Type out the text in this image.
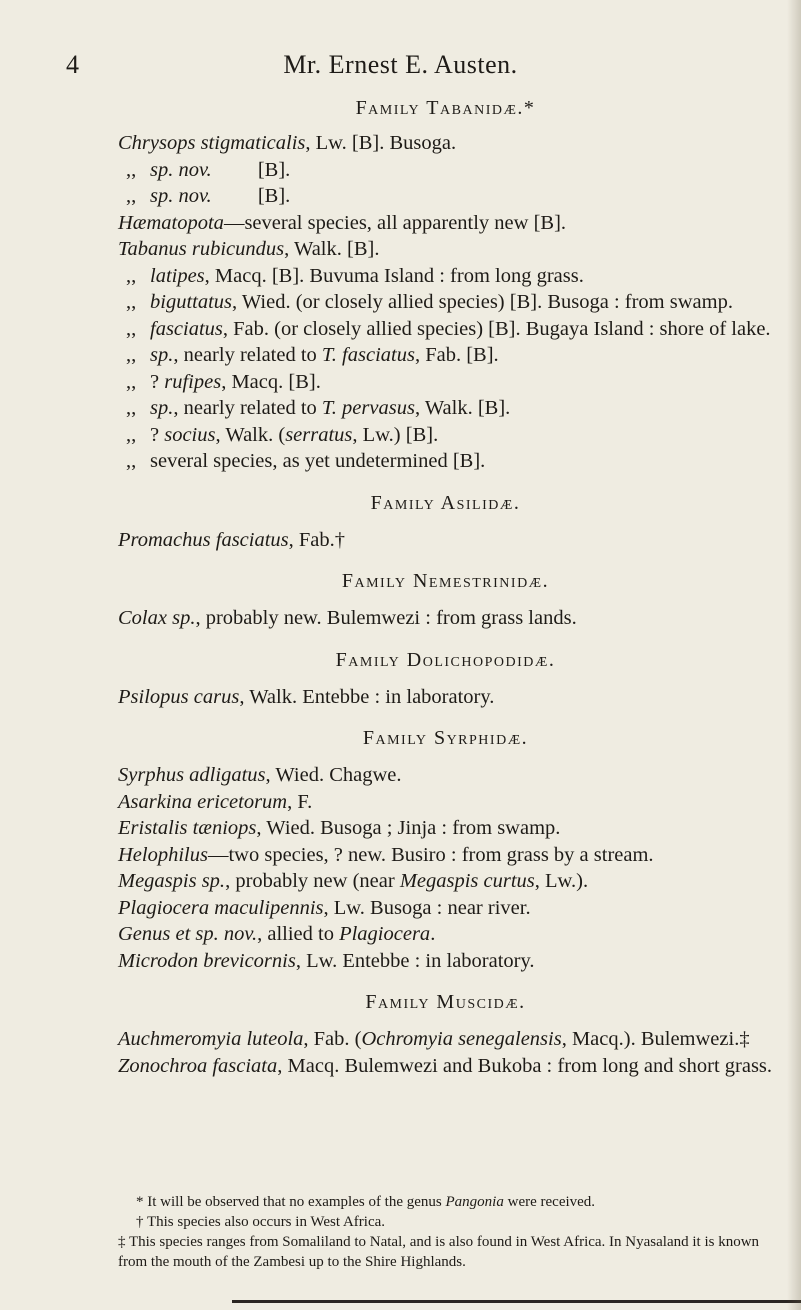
4	Mr. Ernest E. Austen.

Family Tabanidæ.*

Chrysops stigmaticalis, Lw. [B]. Busoga.

,, sp. nov.         [B].

,, sp. nov.         [B].

Hæmatopota—several species, all apparently new [B].

Tabanus rubicundus, Walk. [B].

,, latipes, Macq. [B]. Buvuma Island : from long grass.

,, biguttatus, Wied. (or closely allied species) [B]. Busoga : from swamp.

,, fasciatus, Fab. (or closely allied species) [B]. Bugaya Island : shore of lake.

,, sp., nearly related to T. fasciatus, Fab. [B].

,, ? rufipes, Macq. [B].

,, sp., nearly related to T. pervasus, Walk. [B].

,, ? socius, Walk. (serratus, Lw.) [B].

,, several species, as yet undetermined [B].

Family Asilidæ.

Promachus fasciatus, Fab.†

Family Nemestrinidæ.

Colax sp., probably new. Bulemwezi : from grass lands.

Family Dolichopodidæ.

Psilopus carus, Walk. Entebbe : in laboratory.

Family Syrphidæ.

Syrphus adligatus, Wied. Chagwe.

Asarkina ericetorum, F.

Eristalis tæniops, Wied. Busoga ; Jinja : from swamp.

Helophilus—two species, ? new. Busiro : from grass by a stream.

Megaspis sp., probably new (near Megaspis curtus, Lw.).

Plagiocera maculipennis, Lw. Busoga : near river.

Genus et sp. nov., allied to Plagiocera.

Microdon brevicornis, Lw. Entebbe : in laboratory.

Family Muscidæ.

Auchmeromyia luteola, Fab. (Ochromyia senegalensis, Macq.). Bulemwezi.‡

Zonochroa fasciata, Macq. Bulemwezi and Bukoba : from long and short grass.

* It will be observed that no examples of the genus Pangonia were received.

† This species also occurs in West Africa.

‡ This species ranges from Somaliland to Natal, and is also found in West Africa. In Nyasaland it is known from the mouth of the Zambesi up to the Shire Highlands.
